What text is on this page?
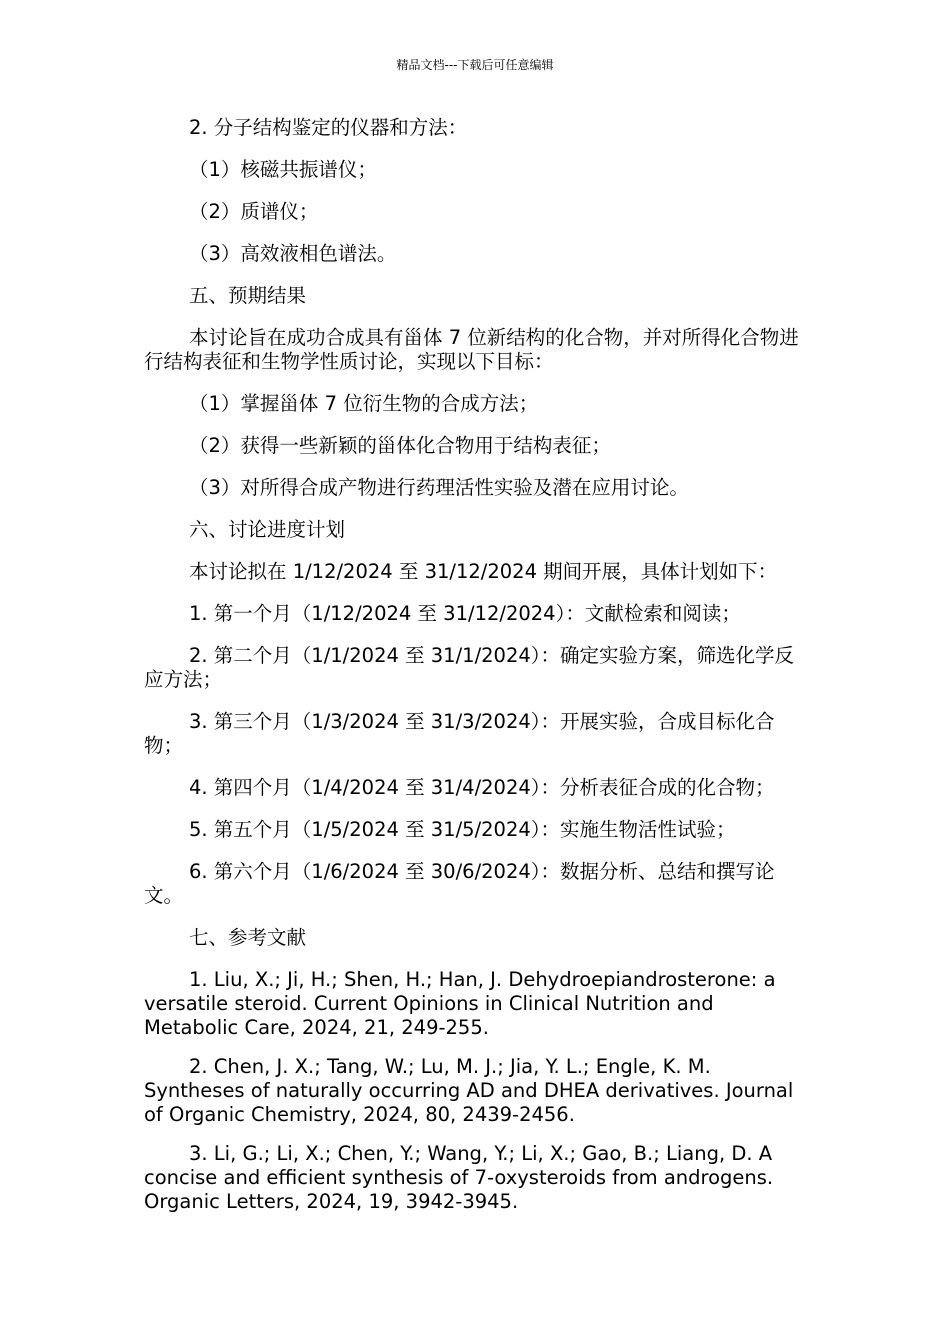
精品文档---下载后可任意编辑

2. 分子结构鉴定的仪器和方法：

（1）核磁共振谱仪；

（2）质谱仪；

（3）高效液相色谱法。

五、预期结果

本讨论旨在成功合成具有甾体 7 位新结构的化合物，并对所得化合物进行结构表征和生物学性质讨论，实现以下目标：

（1）掌握甾体 7 位衍生物的合成方法；

（2）获得一些新颖的甾体化合物用于结构表征；

（3）对所得合成产物进行药理活性实验及潜在应用讨论。

六、讨论进度计划

本讨论拟在 1/12/2024 至 31/12/2024 期间开展，具体计划如下：

1. 第一个月（1/12/2024 至 31/12/2024）：文献检索和阅读；

2. 第二个月（1/1/2024 至 31/1/2024）：确定实验方案，筛选化学反应方法；

3. 第三个月（1/3/2024 至 31/3/2024）：开展实验，合成目标化合物；

4. 第四个月（1/4/2024 至 31/4/2024）：分析表征合成的化合物；

5. 第五个月（1/5/2024 至 31/5/2024）：实施生物活性试验；

6. 第六个月（1/6/2024 至 30/6/2024）：数据分析、总结和撰写论文。

七、参考文献

1. Liu, X.; Ji, H.; Shen, H.; Han, J. Dehydroepiandrosterone: a versatile steroid. Current Opinions in Clinical Nutrition and Metabolic Care, 2024, 21, 249-255.

2. Chen, J. X.; Tang, W.; Lu, M. J.; Jia, Y. L.; Engle, K. M. Syntheses of naturally occurring AD and DHEA derivatives. Journal of Organic Chemistry, 2024, 80, 2439-2456.

3. Li, G.; Li, X.; Chen, Y.; Wang, Y.; Li, X.; Gao, B.; Liang, D. A concise and efficient synthesis of 7-oxysteroids from androgens. Organic Letters, 2024, 19, 3942-3945.
